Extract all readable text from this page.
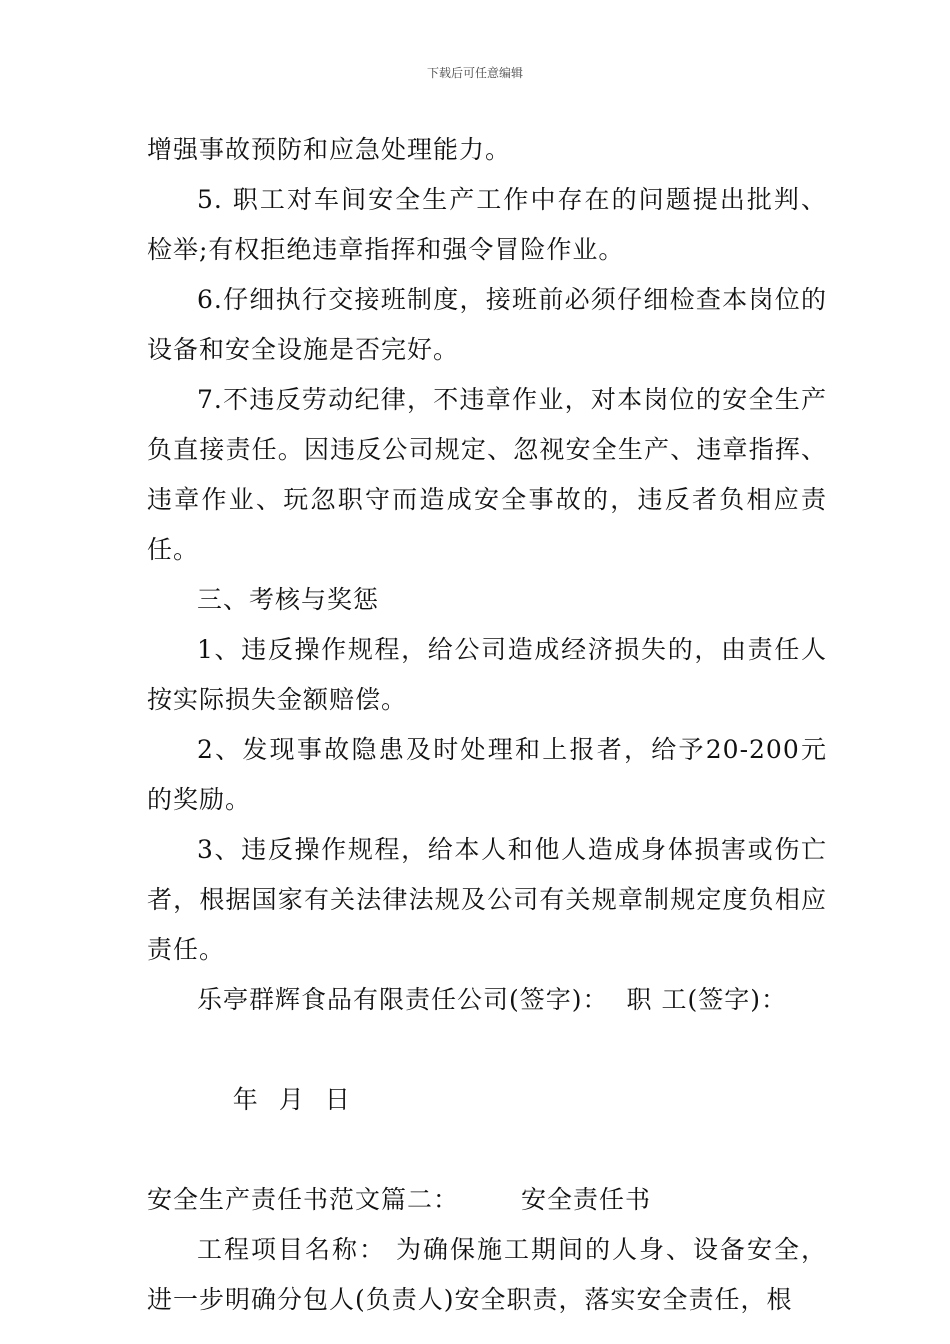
下载后可任意编辑

增强事故预防和应急处理能力。

5. 职工对车间安全生产工作中存在的问题提出批判、检举;有权拒绝违章指挥和强令冒险作业。

6.仔细执行交接班制度，接班前必须仔细检查本岗位的设备和安全设施是否完好。

7.不违反劳动纪律，不违章作业，对本岗位的安全生产负直接责任。因违反公司规定、忽视安全生产、违章指挥、违章作业、玩忽职守而造成安全事故的，违反者负相应责任。

三、考核与奖惩

1、违反操作规程，给公司造成经济损失的，由责任人按实际损失金额赔偿。

2、发现事故隐患及时处理和上报者，给予20-200元的奖励。

3、违反操作规程，给本人和他人造成身体损害或伤亡者，根据国家有关法律法规及公司有关规章制规定度负相应责任。

乐亭群辉食品有限责任公司(签字)： 职 工(签字)：

年 月 日

安全生产责任书范文篇二： 安全责任书

工程项目名称： 为确保施工期间的人身、设备安全，进一步明确分包人(负责人)安全职责，落实安全责任，根
